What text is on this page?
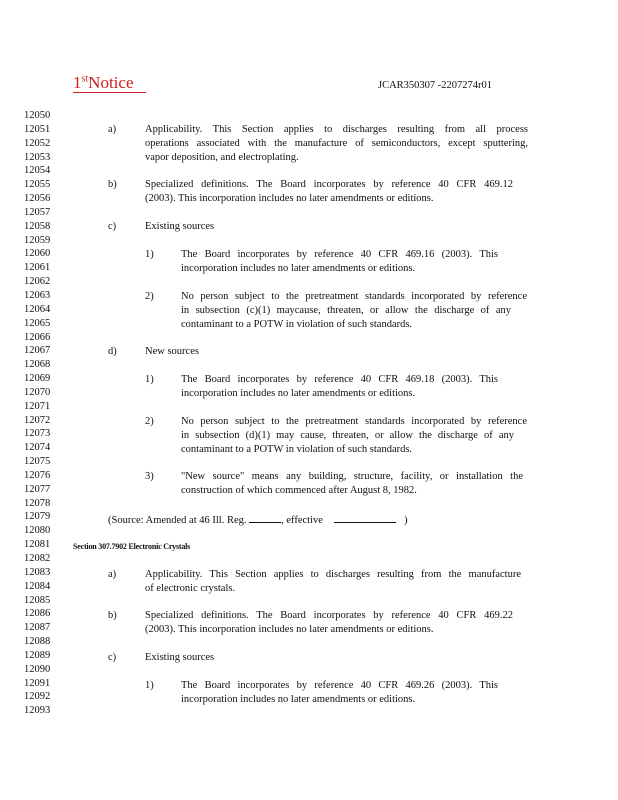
1stNotice	JCAR350307 -2207274r01
12050
12051
12052
12053
12054
12055
12056
12057
12058
12059
12060
12061
12062
12063
12064
12065
12066
12067
12068
12069
12070
12071
12072
12073
12074
12075
12076
12077
12078
12079
12080
12081
12082
12083
12084
12085
12086
12087
12088
12089
12090
12091
12092
12093
a)	Applicability. This Section applies to discharges resulting from all process
operations associated with the manufacture of semiconductors, except sputtering,
vapor deposition, and electroplating.
b)	Specialized definitions. The Board incorporates by reference 40 CFR 469.12
(2003). This incorporation includes no later amendments or editions.
c)	Existing sources
1)	The Board incorporates by reference 40 CFR 469.16 (2003). This
incorporation includes no later amendments or editions.
2)	No person subject to the pretreatment standards incorporated by reference
in subsection (c)(1) maycause, threaten, or allow the discharge of any
contaminant to a POTW in violation of such standards.
d)	New sources
1)	The Board incorporates by reference 40 CFR 469.18 (2003). This
incorporation includes no later amendments or editions.
2)	No person subject to the pretreatment standards incorporated by reference
in subsection (d)(1) may cause, threaten, or allow the discharge of any
contaminant to a POTW in violation of such standards.
3)	"New source" means any building, structure, facility, or installation the
construction of which commenced after August 8, 1982.
(Source: Amended at 46 Ill. Reg.	, effective	)
Section 307.7902 Electronic Crystals
a)	Applicability. This Section applies to discharges resulting from the manufacture
of electronic crystals.
b)	Specialized definitions. The Board incorporates by reference 40 CFR 469.22
(2003). This incorporation includes no later amendments or editions.
c)	Existing sources
1)	The Board incorporates by reference 40 CFR 469.26 (2003). This
incorporation includes no later amendments or editions.
